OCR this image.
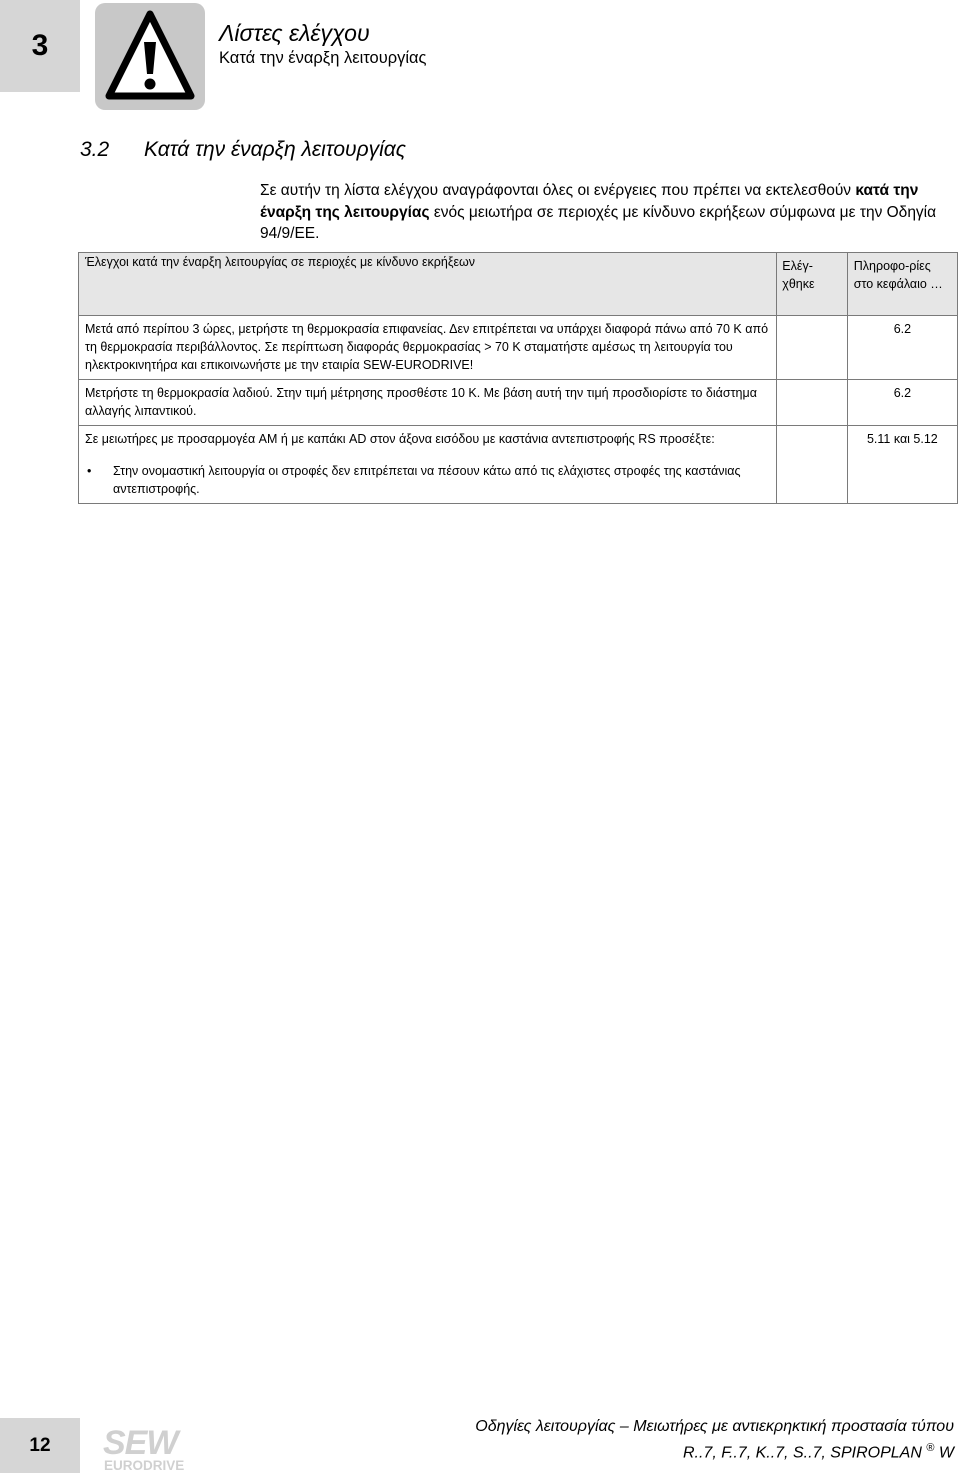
3	Λίστες ελέγχου
Κατά την έναρξη λειτουργίας
3.2 Κατά την έναρξη λειτουργίας
Σε αυτήν τη λίστα ελέγχου αναγράφονται όλες οι ενέργειες που πρέπει να εκτελεσθούν κατά την έναρξη της λειτουργίας ενός μειωτήρα σε περιοχές με κίνδυνο εκρήξεων σύμφωνα με την Οδηγία 94/9/ΕΕ.
Έλεγχοι κατά την έναρξη λειτουργίας σε περιοχές με κίνδυνο εκρήξεων	Ελέγ-χθηκε	Πληροφο-ρίες στο κεφάλαιο …
Μετά από περίπου 3 ώρες, μετρήστε τη θερμοκρασία επιφανείας. Δεν επιτρέπεται να υπάρχει διαφορά πάνω από 70 K από τη θερμοκρασία περιβάλλοντος. Σε περίπτωση διαφοράς θερμοκρασίας > 70 K σταματήστε αμέσως τη λειτουργία του ηλεκτροκινητήρα και επικοινωνήστε με την εταιρία SEW-EURODRIVE!		6.2
Μετρήστε τη θερμοκρασία λαδιού. Στην τιμή μέτρησης προσθέστε 10 K. Με βάση αυτή την τιμή προσδιορίστε το διάστημα αλλαγής λιπαντικού.		6.2

Σε μειωτήρες με προσαρμογέα AM ή με καπάκι AD στον άξονα εισόδου με καστάνια αντεπιστροφής RS προσέξτε:
• Στην ονομαστική λειτουργία οι στροφές δεν επιτρέπεται να πέσουν κάτω από τις ελάχιστες στροφές της καστάνιας αντεπιστροφής.		5.11 και 5.12
12 SEW
EURODRIVE
Οδηγίες λειτουργίας – Μειωτήρες με αντιεκρηκτική προστασία τύπου
R..7, F..7, K..7, S..7, SPIROPLAN ® W
